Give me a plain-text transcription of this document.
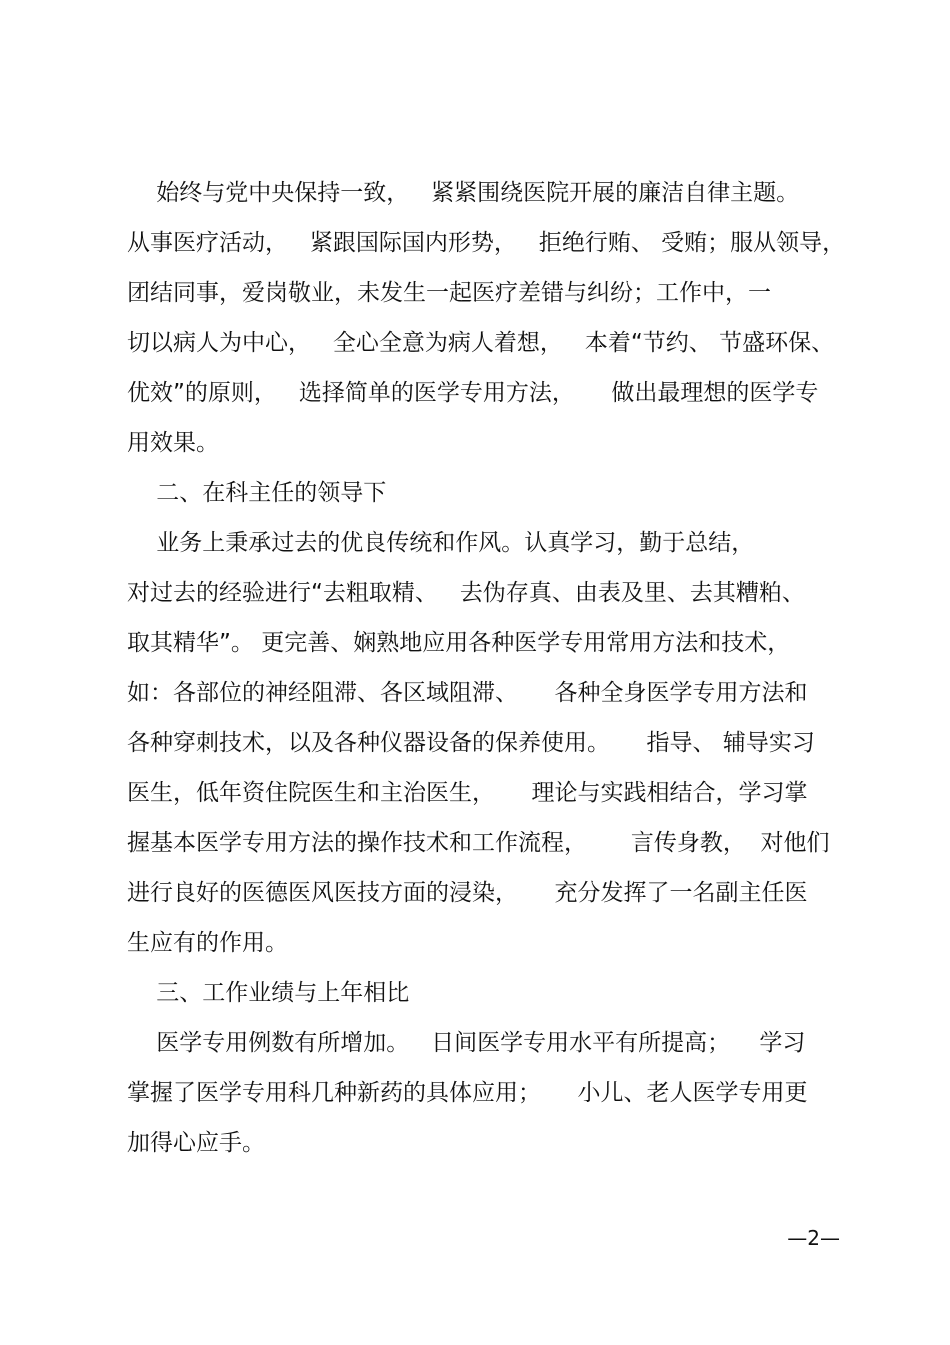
始终与党中央保持一致，   紧紧围绕医院开展的廉洁自律主题。
从事医疗活动，   紧跟国际国内形势，   拒绝行贿、 受贿；服从领导，
团结同事，爱岗敬业，未发生一起医疗差错与纠纷；工作中，一
切以病人为中心，   全心全意为病人着想，   本着“节约、 节盛环保、
优效”的原则，   选择简单的医学专用方法，     做出最理想的医学专
用效果。
二、在科主任的领导下
业务上秉承过去的优良传统和作风。认真学习，勤于总结，
对过去的经验进行“去粗取精、   去伪存真、由表及里、去其糟粕、
取其精华”。 更完善、娴熟地应用各种医学专用常用方法和技术，
如：各部位的神经阻滞、各区域阻滞、     各种全身医学专用方法和
各种穿刺技术，以及各种仪器设备的保养使用。     指导、 辅导实习
医生，低年资住院医生和主治医生，     理论与实践相结合，学习掌
握基本医学专用方法的操作技术和工作流程，      言传身教，  对他们
进行良好的医德医风医技方面的浸染，     充分发挥了一名副主任医
生应有的作用。
三、工作业绩与上年相比
医学专用例数有所增加。   日间医学专用水平有所提高；    学习
掌握了医学专用科几种新药的具体应用；     小儿、老人医学专用更
加得心应手。
—2—
